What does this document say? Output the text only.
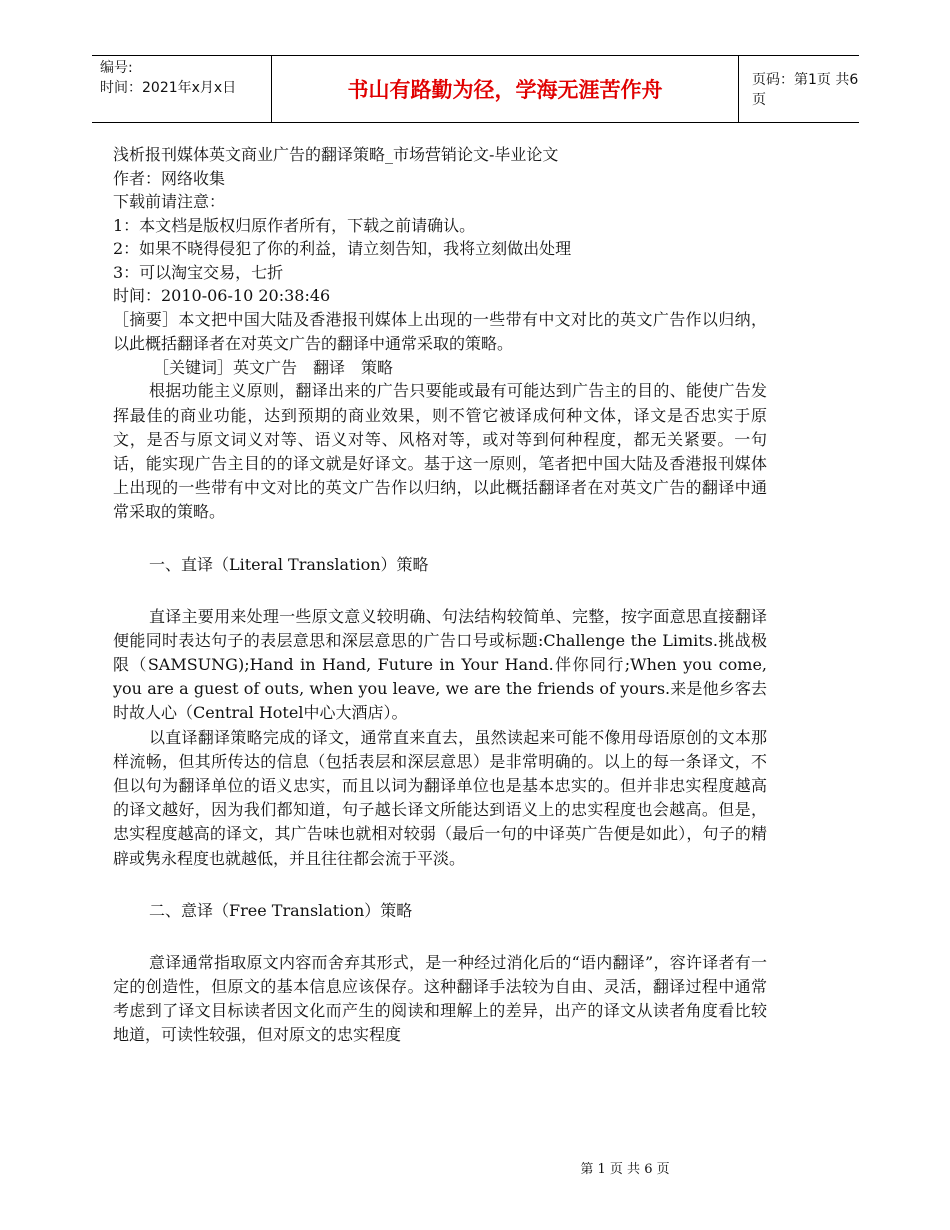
编号:
时间：2021年x月x日	书山有路勤为径，学海无涯苦作舟	页码：第1页 共6页
浅析报刊媒体英文商业广告的翻译策略_市场营销论文-毕业论文
作者：网络收集
下载前请注意：
1：本文档是版权归原作者所有，下载之前请确认。
2：如果不晓得侵犯了你的利益，请立刻告知，我将立刻做出处理
3：可以淘宝交易，七折
时间：2010-06-10 20:38:46
［摘要］本文把中国大陆及香港报刊媒体上出现的一些带有中文对比的英文广告作以归纳，以此概括翻译者在对英文广告的翻译中通常采取的策略。
［关键词］英文广告　翻译　策略
根据功能主义原则，翻译出来的广告只要能或最有可能达到广告主的目的、能使广告发挥最佳的商业功能，达到预期的商业效果，则不管它被译成何种文体，译文是否忠实于原文，是否与原文词义对等、语义对等、风格对等，或对等到何种程度，都无关紧要。一句话，能实现广告主目的的译文就是好译文。基于这一原则，笔者把中国大陆及香港报刊媒体上出现的一些带有中文对比的英文广告作以归纳，以此概括翻译者在对英文广告的翻译中通常采取的策略。
一、直译（Literal Translation）策略
直译主要用来处理一些原文意义较明确、句法结构较简单、完整，按字面意思直接翻译便能同时表达句子的表层意思和深层意思的广告口号或标题:Challenge the Limits.挑战极限（SAMSUNG);Hand in Hand, Future in Your Hand.伴你同行;When you come, you are a guest of outs, when you leave, we are the friends of yours.来是他乡客去时故人心（Central Hotel中心大酒店）。
以直译翻译策略完成的译文，通常直来直去，虽然读起来可能不像用母语原创的文本那样流畅，但其所传达的信息（包括表层和深层意思）是非常明确的。以上的每一条译文，不但以句为翻译单位的语义忠实，而且以词为翻译单位也是基本忠实的。但并非忠实程度越高的译文越好，因为我们都知道，句子越长译文所能达到语义上的忠实程度也会越高。但是，忠实程度越高的译文，其广告味也就相对较弱（最后一句的中译英广告便是如此），句子的精辟或隽永程度也就越低，并且往往都会流于平淡。
二、意译（Free Translation）策略
意译通常指取原文内容而舍弃其形式，是一种经过消化后的“语内翻译”，容许译者有一定的创造性，但原文的基本信息应该保存。这种翻译手法较为自由、灵活，翻译过程中通常考虑到了译文目标读者因文化而产生的阅读和理解上的差异，出产的译文从读者角度看比较地道，可读性较强，但对原文的忠实程度
第 1 页 共 6 页
